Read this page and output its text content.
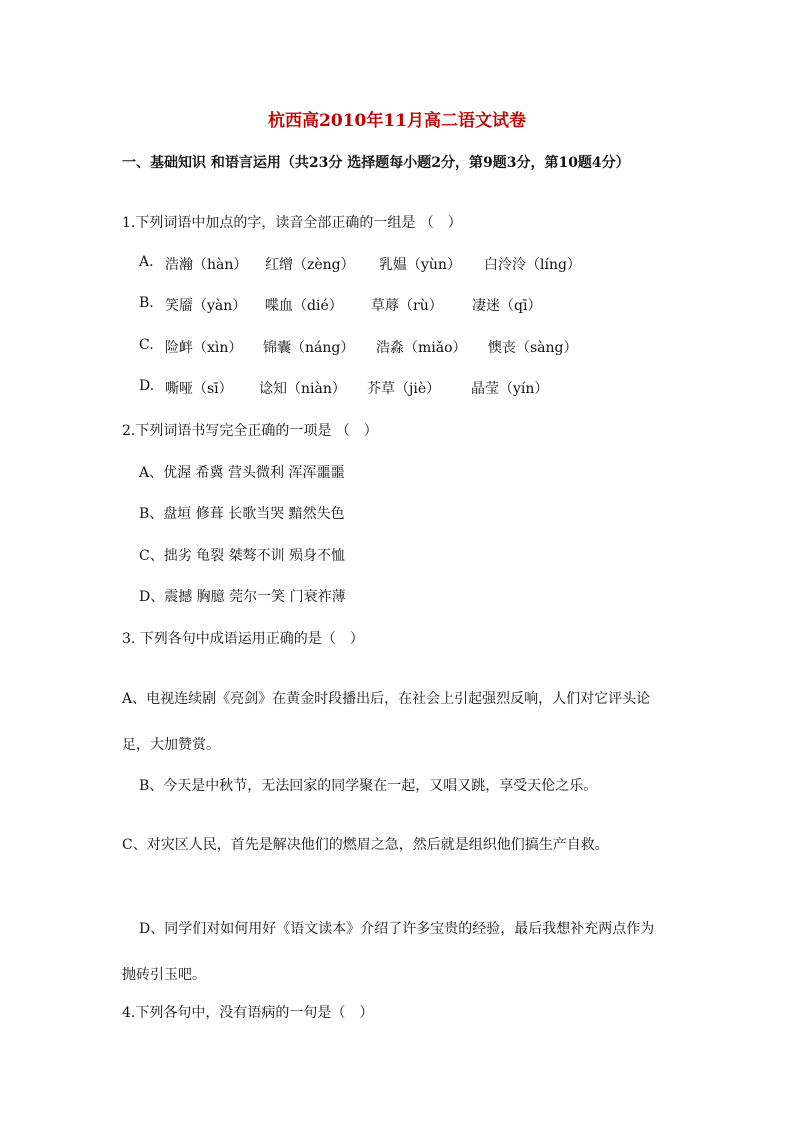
杭西高2010年11月高二语文试卷
一、基础知识 和语言运用（共23分 选择题每小题2分，第9题3分，第10题4分）
1.下列词语中加点的字，读音全部正确的一组是 （　）
A. 浩瀚（hàn） 红缯（zèng） 乳媪（yùn） 白泠泠（líng）
B. 笑靥（yàn） 喋血（dié） 草蓐（rù） 凄迷（qī）
C. 险衅（xìn） 锦囊（náng） 浩淼（miǎo） 懊丧（sàng）
D. 嘶哑（sī） 谂知（niàn） 芥草（jiè） 晶莹（yín）
2.下列词语书写完全正确的一项是 （　）
A、优渥 希冀 营头微利 浑浑噩噩
B、盘垣 修葺 长歌当哭 黯然失色
C、拙劣 龟裂 桀骜不训 殒身不恤
D、震撼 胸臆 莞尔一笑 门衰祚薄
3. 下列各句中成语运用正确的是（　）
A、电视连续剧《亮剑》在黄金时段播出后，在社会上引起强烈反响，人们对它评头论足，大加赞赏。
B、今天是中秋节，无法回家的同学聚在一起，又唱又跳，享受天伦之乐。
C、对灾区人民，首先是解决他们的燃眉之急，然后就是组织他们搞生产自救。
D、同学们对如何用好《语文读本》介绍了许多宝贵的经验，最后我想补充两点作为抛砖引玉吧。
4.下列各句中，没有语病的一句是（　）
